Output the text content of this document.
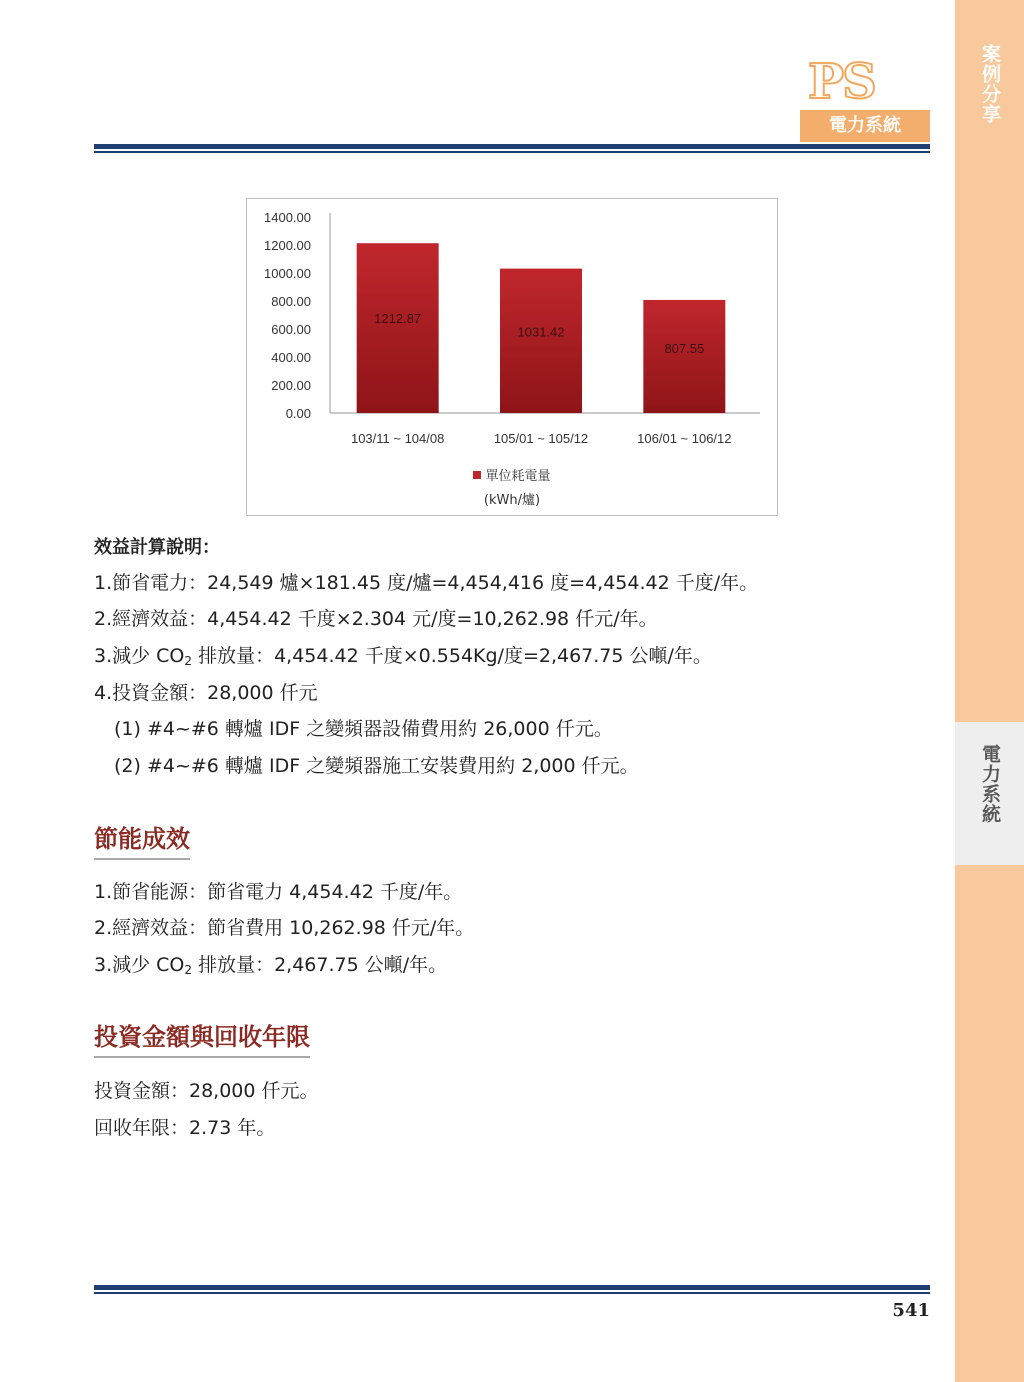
案例分享
電力系統
PS
電力系統
0.00
200.00
400.00
600.00
800.00
1000.00
1200.00
1400.00
1212.87
103/11 ~ 104/08
1031.42
105/01 ~ 105/12
807.55
106/01 ~ 106/12
單位耗電量
(kWh/爐)
效益計算說明：
1.節省電力：24,549 爐×181.45 度/爐=4,454,416 度=4,454.42 千度/年。
2.經濟效益：4,454.42 千度×2.304 元/度=10,262.98 仟元/年。
3.減少 CO2 排放量：4,454.42 千度×0.554Kg/度=2,467.75 公噸/年。
4.投資金額：28,000 仟元
(1) #4~#6 轉爐 IDF 之變頻器設備費用約 26,000 仟元。
(2) #4~#6 轉爐 IDF 之變頻器施工安裝費用約 2,000 仟元。
節能成效
1.節省能源：節省電力 4,454.42 千度/年。
2.經濟效益：節省費用 10,262.98 仟元/年。
3.減少 CO2 排放量：2,467.75 公噸/年。
投資金額與回收年限
投資金額：28,000 仟元。
回收年限：2.73 年。
541
